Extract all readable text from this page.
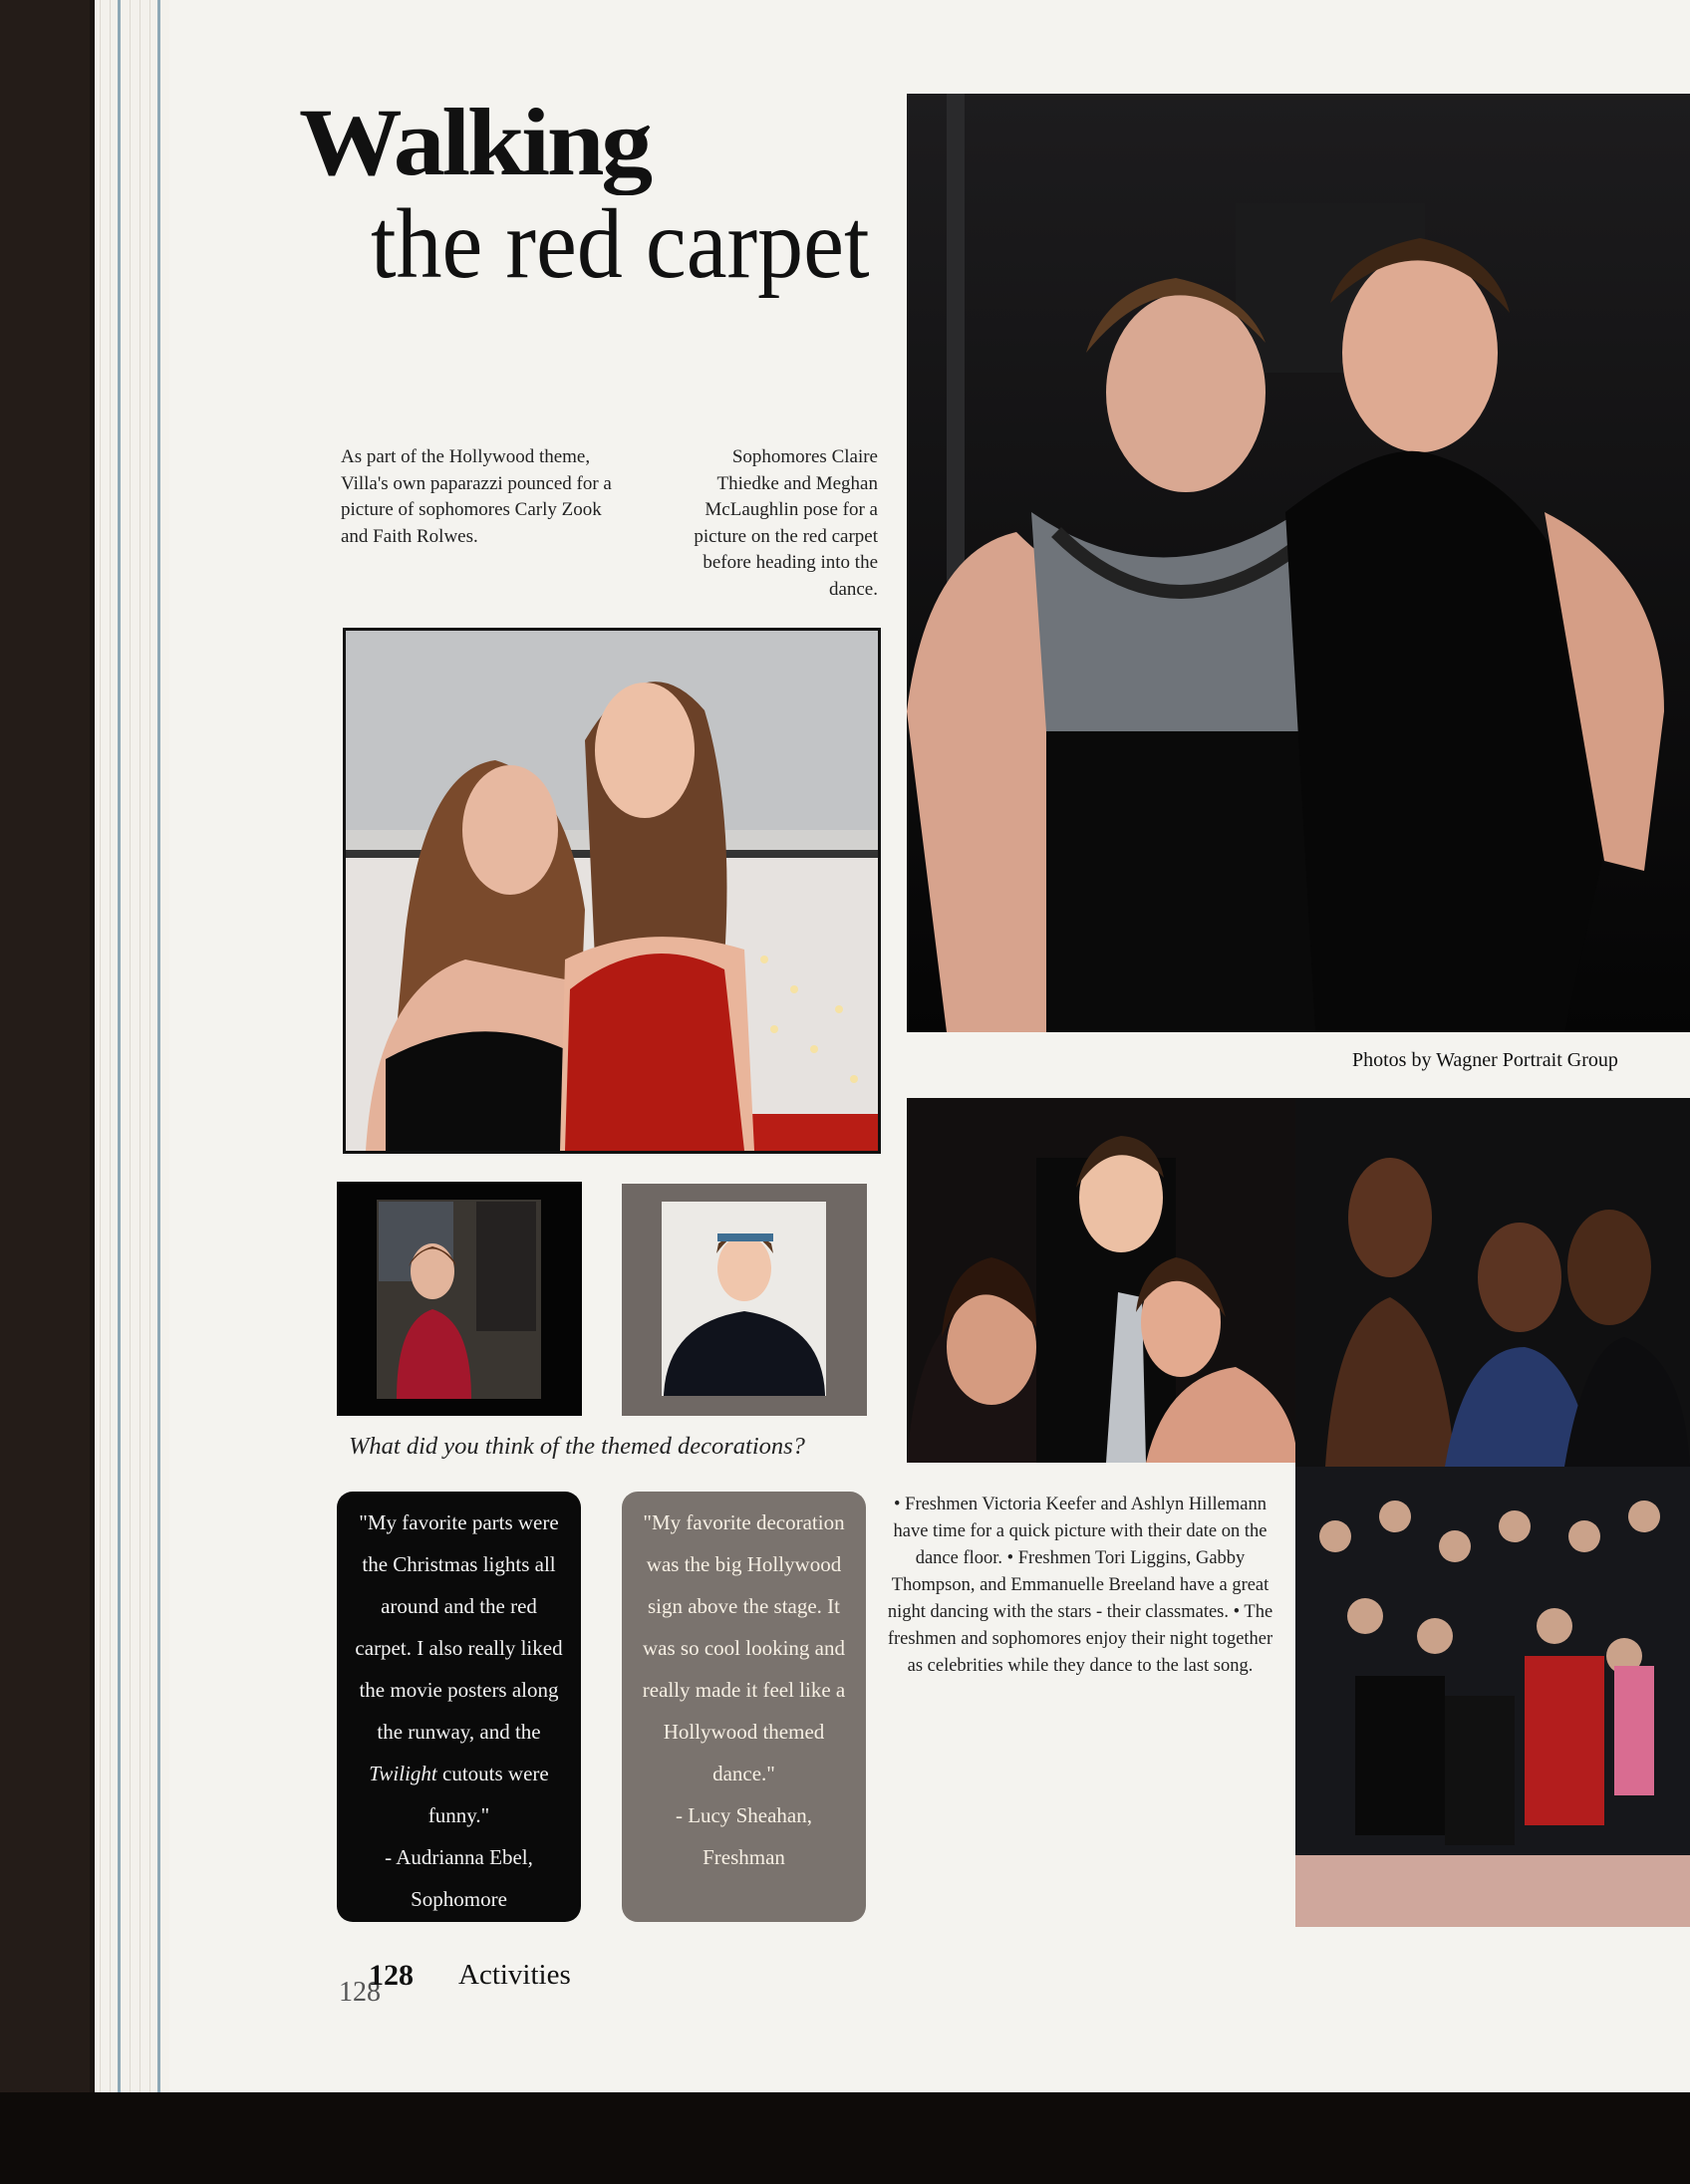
Walking
the red carpet
As part of the Hollywood theme, Villa's own paparazzi pounced for a picture of sophomores Carly Zook and Faith Rolwes.
Sophomores Claire Thiedke and Meghan McLaughlin pose for a picture on the red carpet before heading into the dance.
Photos by Wagner Portrait Group
What did you think of the themed decorations?
"My favorite parts were the Christmas lights all around and the red carpet. I also really liked the movie posters along the runway, and the Twilight cutouts were funny."
- Audrianna Ebel, Sophomore
"My favorite decoration was the big Hollywood sign above the stage. It was so cool looking and really made it feel like a Hollywood themed dance."
- Lucy Sheahan, Freshman
• Freshmen Victoria Keefer and Ashlyn Hillemann have time for a quick picture with their date on the dance floor. • Freshmen Tori Liggins, Gabby Thompson, and Emmanuelle Breeland have a great night dancing with the stars - their classmates. • The freshmen and sophomores enjoy their night together as celebrities while they dance to the last song.
128
128 Activities
